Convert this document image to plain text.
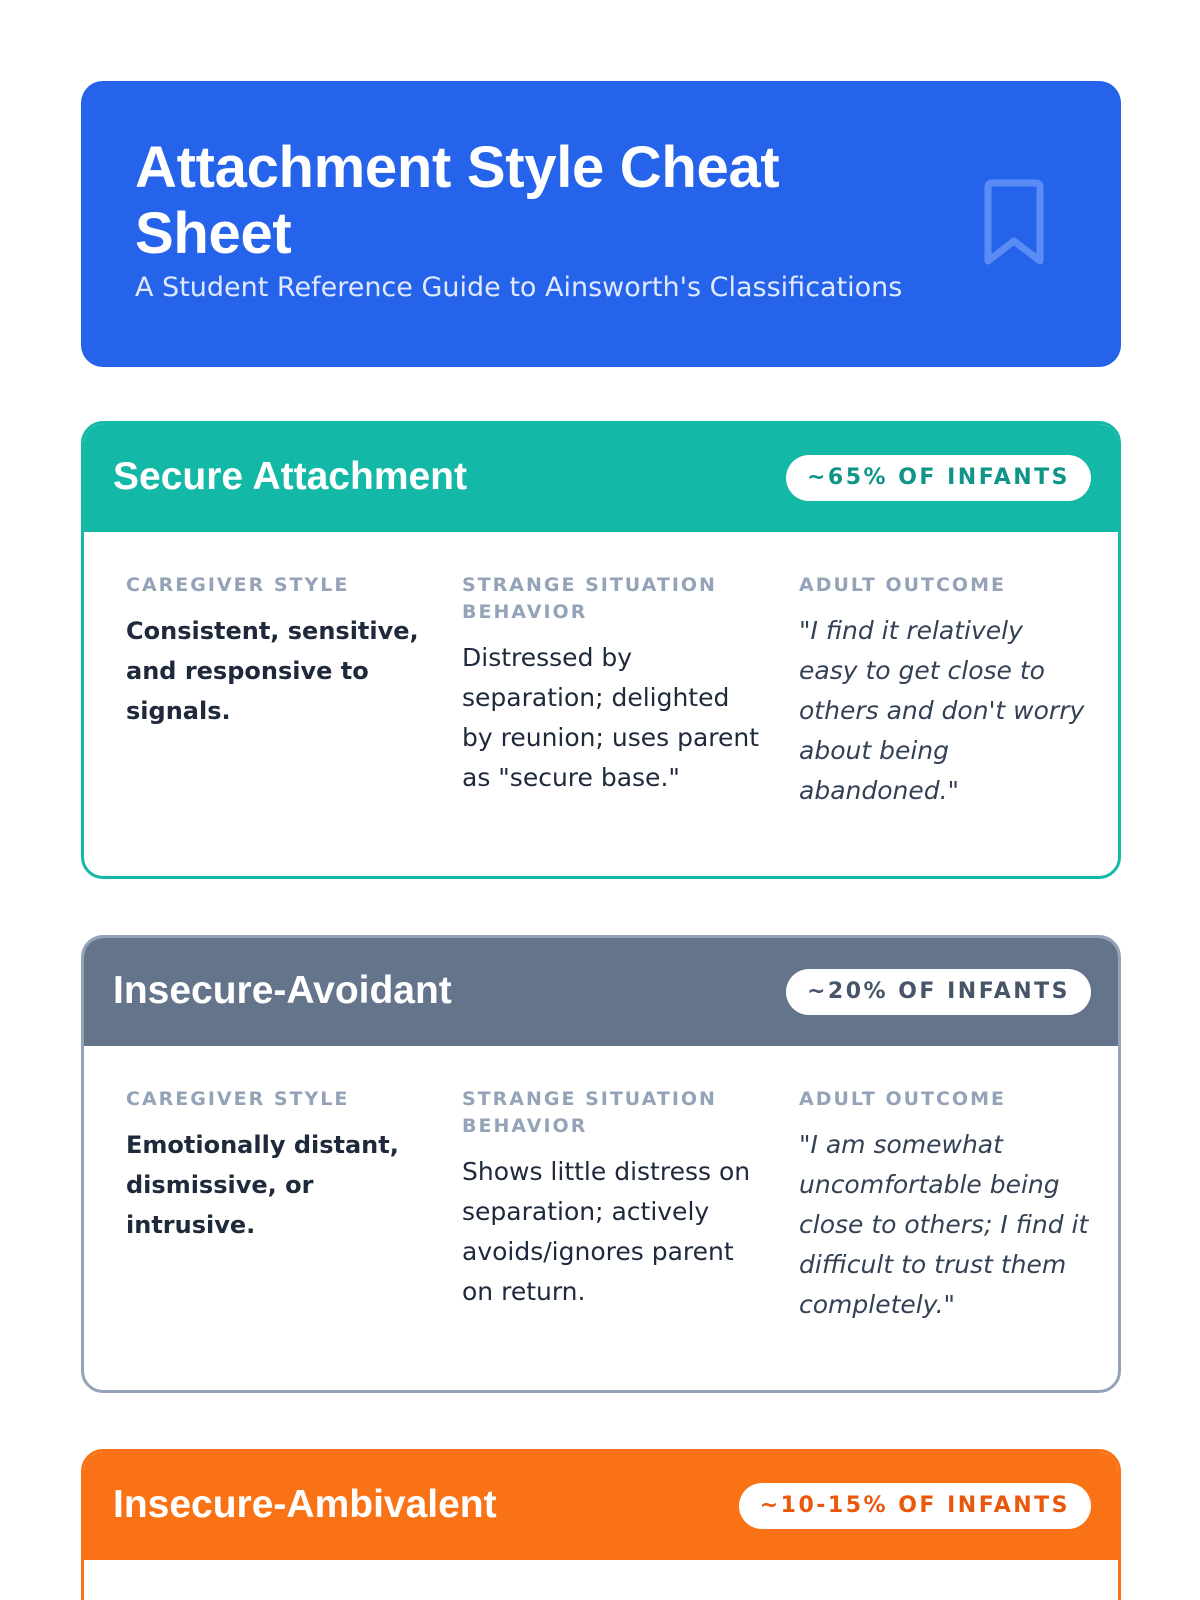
Attachment Style Cheat Sheet
A Student Reference Guide to Ainsworth's Classifications
Secure Attachment	~65% OF INFANTS
CAREGIVER STYLE
Consistent, sensitive, and responsive to signals.
STRANGE SITUATION BEHAVIOR
Distressed by separation; delighted by reunion; uses parent as "secure base."
ADULT OUTCOME
"I find it relatively easy to get close to others and don't worry about being abandoned."
Insecure-Avoidant	~20% OF INFANTS
CAREGIVER STYLE
Emotionally distant, dismissive, or intrusive.
STRANGE SITUATION BEHAVIOR
Shows little distress on separation; actively avoids/ignores parent on return.
ADULT OUTCOME
"I am somewhat uncomfortable being close to others; I find it difficult to trust them completely."
Insecure-Ambivalent	~10-15% OF INFANTS
